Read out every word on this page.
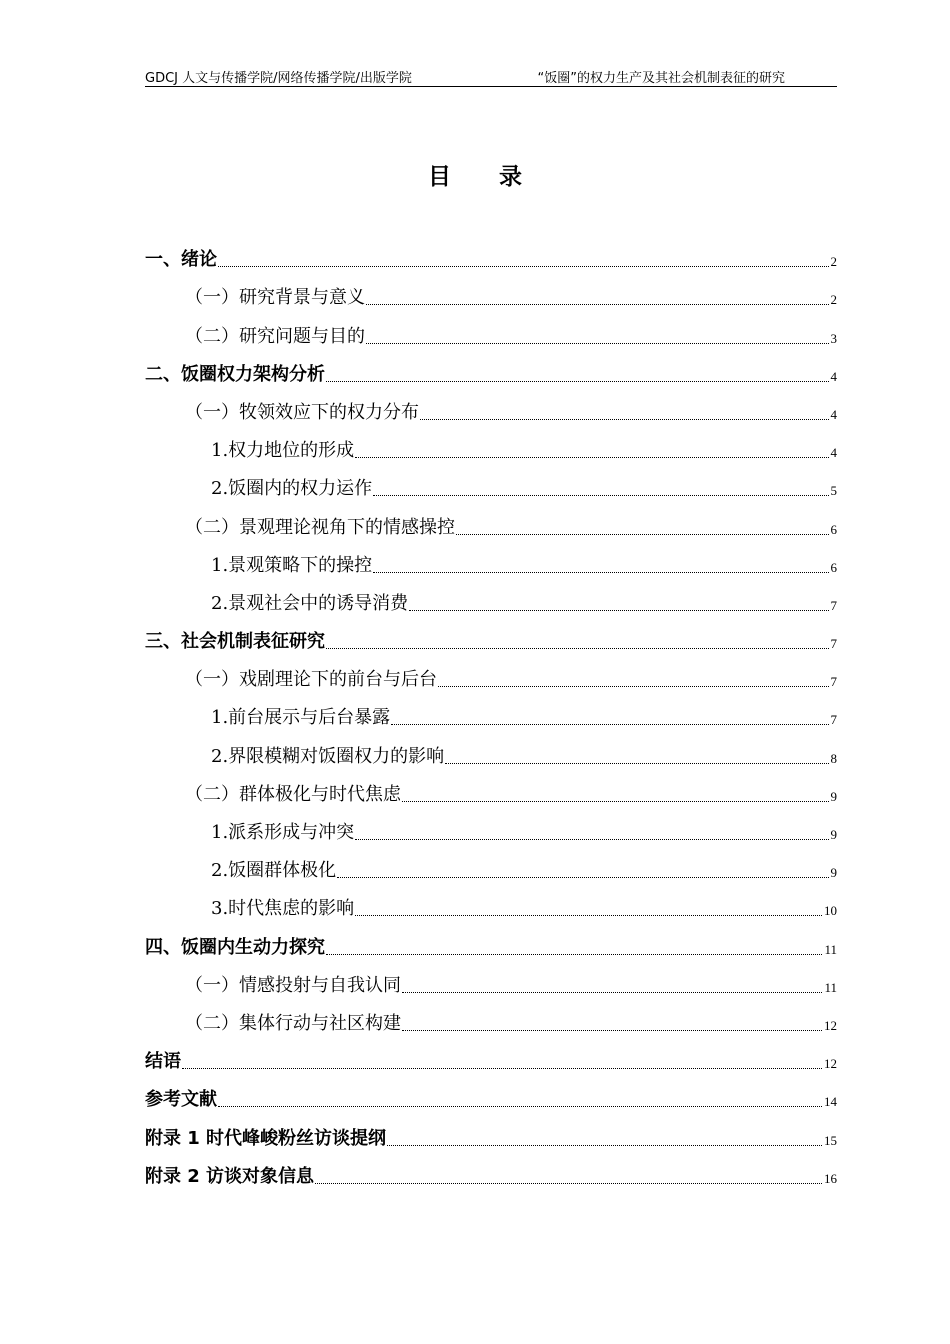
GDCJ 人文与传播学院/网络传播学院/出版学院	“饭圈”的权力生产及其社会机制表征的研究
目 录
一、绪论	2
（一）研究背景与意义	2
（二）研究问题与目的	3
二、饭圈权力架构分析	4
（一）牧领效应下的权力分布	4
1.权力地位的形成	4
2.饭圈内的权力运作	5
（二）景观理论视角下的情感操控	6
1.景观策略下的操控	6
2.景观社会中的诱导消费	7
三、社会机制表征研究	7
（一）戏剧理论下的前台与后台	7
1.前台展示与后台暴露	7
2.界限模糊对饭圈权力的影响	8
（二）群体极化与时代焦虑	9
1.派系形成与冲突	9
2.饭圈群体极化	9
3.时代焦虑的影响	10
四、饭圈内生动力探究	11
（一）情感投射与自我认同	11
（二）集体行动与社区构建	12
结语	12
参考文献	14
附录 1 时代峰峻粉丝访谈提纲	15
附录 2 访谈对象信息	16
